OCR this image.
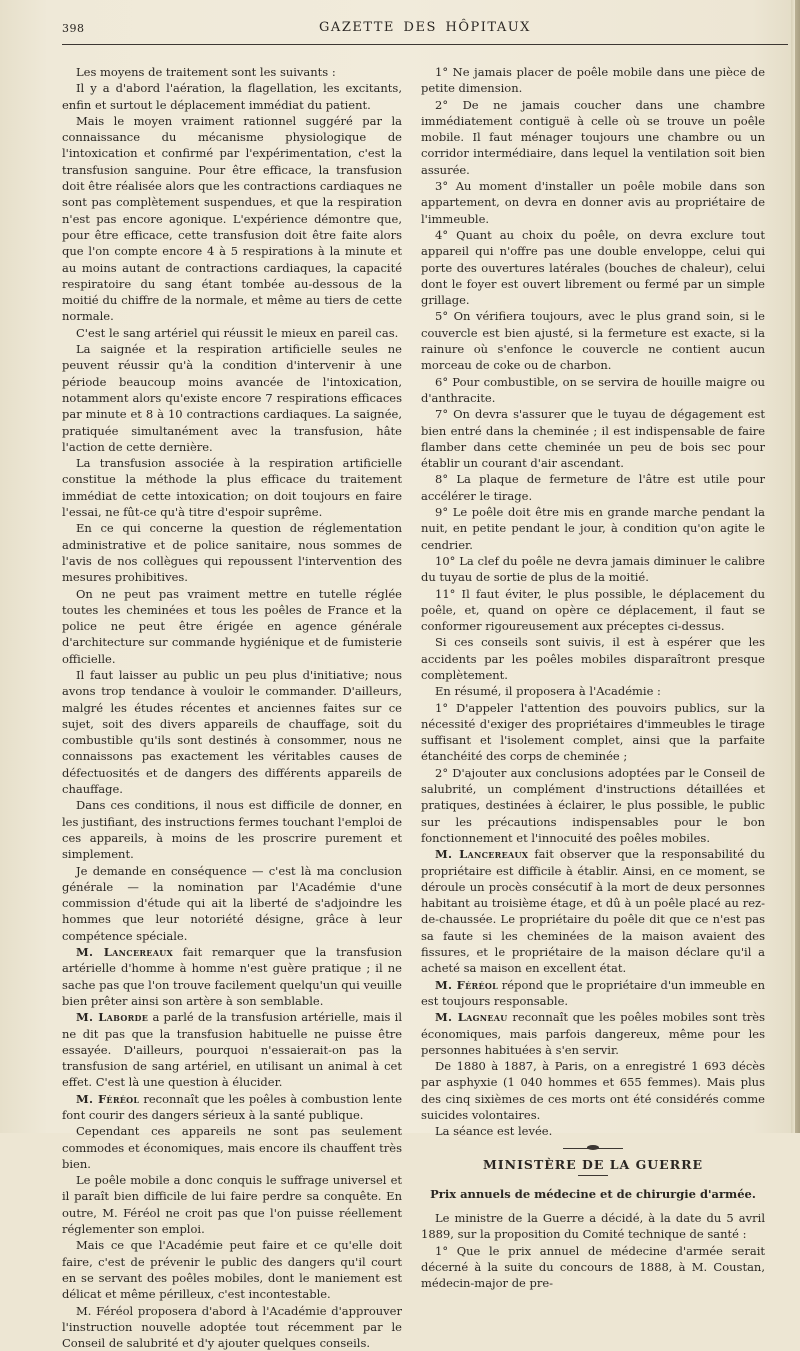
398	GAZETTE DES HÔPITAUX

Les moyens de traitement sont les suivants :

Il y a d'abord l'aération, la flagellation, les excitants, enfin et surtout le déplacement immédiat du patient.

Mais le moyen vraiment rationnel suggéré par la connaissance du mécanisme physiologique de l'intoxication et confirmé par l'expérimentation, c'est la transfusion sanguine. Pour être efficace, la transfusion doit être réalisée alors que les contractions cardiaques ne sont pas complètement suspendues, et que la respiration n'est pas encore agonique. L'expérience démontre que, pour être efficace, cette transfusion doit être faite alors que l'on compte encore 4 à 5 respirations à la minute et au moins autant de contractions cardiaques, la capacité respiratoire du sang étant tombée au-dessous de la moitié du chiffre de la normale, et même au tiers de cette normale.

C'est le sang artériel qui réussit le mieux en pareil cas.

La saignée et la respiration artificielle seules ne peuvent réussir qu'à la condition d'intervenir à une période beaucoup moins avancée de l'intoxication, notamment alors qu'existe encore 7 respirations efficaces par minute et 8 à 10 contractions cardiaques. La saignée, pratiquée simultanément avec la transfusion, hâte l'action de cette dernière.

La transfusion associée à la respiration artificielle constitue la méthode la plus efficace du traitement immédiat de cette intoxication; on doit toujours en faire l'essai, ne fût-ce qu'à titre d'espoir suprême.

En ce qui concerne la question de réglementation administrative et de police sanitaire, nous sommes de l'avis de nos collègues qui repoussent l'intervention des mesures prohibitives.

On ne peut pas vraiment mettre en tutelle réglée toutes les cheminées et tous les poêles de France et la police ne peut être érigée en agence générale d'architecture sur commande hygiénique et de fumisterie officielle.

Il faut laisser au public un peu plus d'initiative; nous avons trop tendance à vouloir le commander. D'ailleurs, malgré les études récentes et anciennes faites sur ce sujet, soit des divers appareils de chauffage, soit du combustible qu'ils sont destinés à consommer, nous ne connaissons pas exactement les véritables causes de défectuosités et de dangers des différents appareils de chauffage.

Dans ces conditions, il nous est difficile de donner, en les justifiant, des instructions fermes touchant l'emploi de ces appareils, à moins de les proscrire purement et simplement.

Je demande en conséquence — c'est là ma conclusion générale — la nomination par l'Académie d'une commission d'étude qui ait la liberté de s'adjoindre les hommes que leur notoriété désigne, grâce à leur compétence spéciale.

M. Lancereaux fait remarquer que la transfusion artérielle d'homme à homme n'est guère pratique ; il ne sache pas que l'on trouve facilement quelqu'un qui veuille bien prêter ainsi son artère à son semblable.

M. Laborde a parlé de la transfusion artérielle, mais il ne dit pas que la transfusion habituelle ne puisse être essayée. D'ailleurs, pourquoi n'essaierait-on pas la transfusion de sang artériel, en utilisant un animal à cet effet. C'est là une question à élucider.

M. Féréol reconnaît que les poêles à combustion lente font courir des dangers sérieux à la santé publique.

Cependant ces appareils ne sont pas seulement commodes et économiques, mais encore ils chauffent très bien.

Le poêle mobile a donc conquis le suffrage universel et il paraît bien difficile de lui faire perdre sa conquête. En outre, M. Féréol ne croit pas que l'on puisse réellement réglementer son emploi.

Mais ce que l'Académie peut faire et ce qu'elle doit faire, c'est de prévenir le public des dangers qu'il court en se servant des poêles mobiles, dont le maniement est délicat et même périlleux, c'est incontestable.

M. Féréol proposera d'abord à l'Académie d'approuver l'instruction nouvelle adoptée tout récemment par le Conseil de salubrité et d'y ajouter quelques conseils.

1° Ne jamais placer de poêle mobile dans une pièce de petite dimension.

2° De ne jamais coucher dans une chambre immédiatement contiguë à celle où se trouve un poêle mobile. Il faut ménager toujours une chambre ou un corridor intermédiaire, dans lequel la ventilation soit bien assurée.

3° Au moment d'installer un poêle mobile dans son appartement, on devra en donner avis au propriétaire de l'immeuble.

4° Quant au choix du poêle, on devra exclure tout appareil qui n'offre pas une double enveloppe, celui qui porte des ouvertures latérales (bouches de chaleur), celui dont le foyer est ouvert librement ou fermé par un simple grillage.

5° On vérifiera toujours, avec le plus grand soin, si le couvercle est bien ajusté, si la fermeture est exacte, si la rainure où s'enfonce le couvercle ne contient aucun morceau de coke ou de charbon.

6° Pour combustible, on se servira de houille maigre ou d'anthracite.

7° On devra s'assurer que le tuyau de dégagement est bien entré dans la cheminée ; il est indispensable de faire flamber dans cette cheminée un peu de bois sec pour établir un courant d'air ascendant.

8° La plaque de fermeture de l'âtre est utile pour accélérer le tirage.

9° Le poêle doit être mis en grande marche pendant la nuit, en petite pendant le jour, à condition qu'on agite le cendrier.

10° La clef du poêle ne devra jamais diminuer le calibre du tuyau de sortie de plus de la moitié.

11° Il faut éviter, le plus possible, le déplacement du poêle, et, quand on opère ce déplacement, il faut se conformer rigoureusement aux préceptes ci-dessus.

Si ces conseils sont suivis, il est à espérer que les accidents par les poêles mobiles disparaîtront presque complètement.

En résumé, il proposera à l'Académie :

1° D'appeler l'attention des pouvoirs publics, sur la nécessité d'exiger des propriétaires d'immeubles le tirage suffisant et l'isolement complet, ainsi que la parfaite étanchéité des corps de cheminée ;

2° D'ajouter aux conclusions adoptées par le Conseil de salubrité, un complément d'instructions détaillées et pratiques, destinées à éclairer, le plus possible, le public sur les précautions indispensables pour le bon fonctionnement et l'innocuité des poêles mobiles.

M. Lancereaux fait observer que la responsabilité du propriétaire est difficile à établir. Ainsi, en ce moment, se déroule un procès consécutif à la mort de deux personnes habitant au troisième étage, et dû à un poêle placé au rez-de-chaussée. Le propriétaire du poêle dit que ce n'est pas sa faute si les cheminées de la maison avaient des fissures, et le propriétaire de la maison déclare qu'il a acheté sa maison en excellent état.

M. Féréol répond que le propriétaire d'un immeuble en est toujours responsable.

M. Lagneau reconnaît que les poêles mobiles sont très économiques, mais parfois dangereux, même pour les personnes habituées à s'en servir.

De 1880 à 1887, à Paris, on a enregistré 1 693 décès par asphyxie (1 040 hommes et 655 femmes). Mais plus des cinq sixièmes de ces morts ont été considérés comme suicides volontaires.

La séance est levée.

MINISTÈRE DE LA GUERRE
Prix annuels de médecine et de chirurgie d'armée.

Le ministre de la Guerre a décidé, à la date du 5 avril 1889, sur la proposition du Comité technique de santé :

1° Que le prix annuel de médecine d'armée serait décerné à la suite du concours de 1888, à M. Coustan, médecin-major de pre-
